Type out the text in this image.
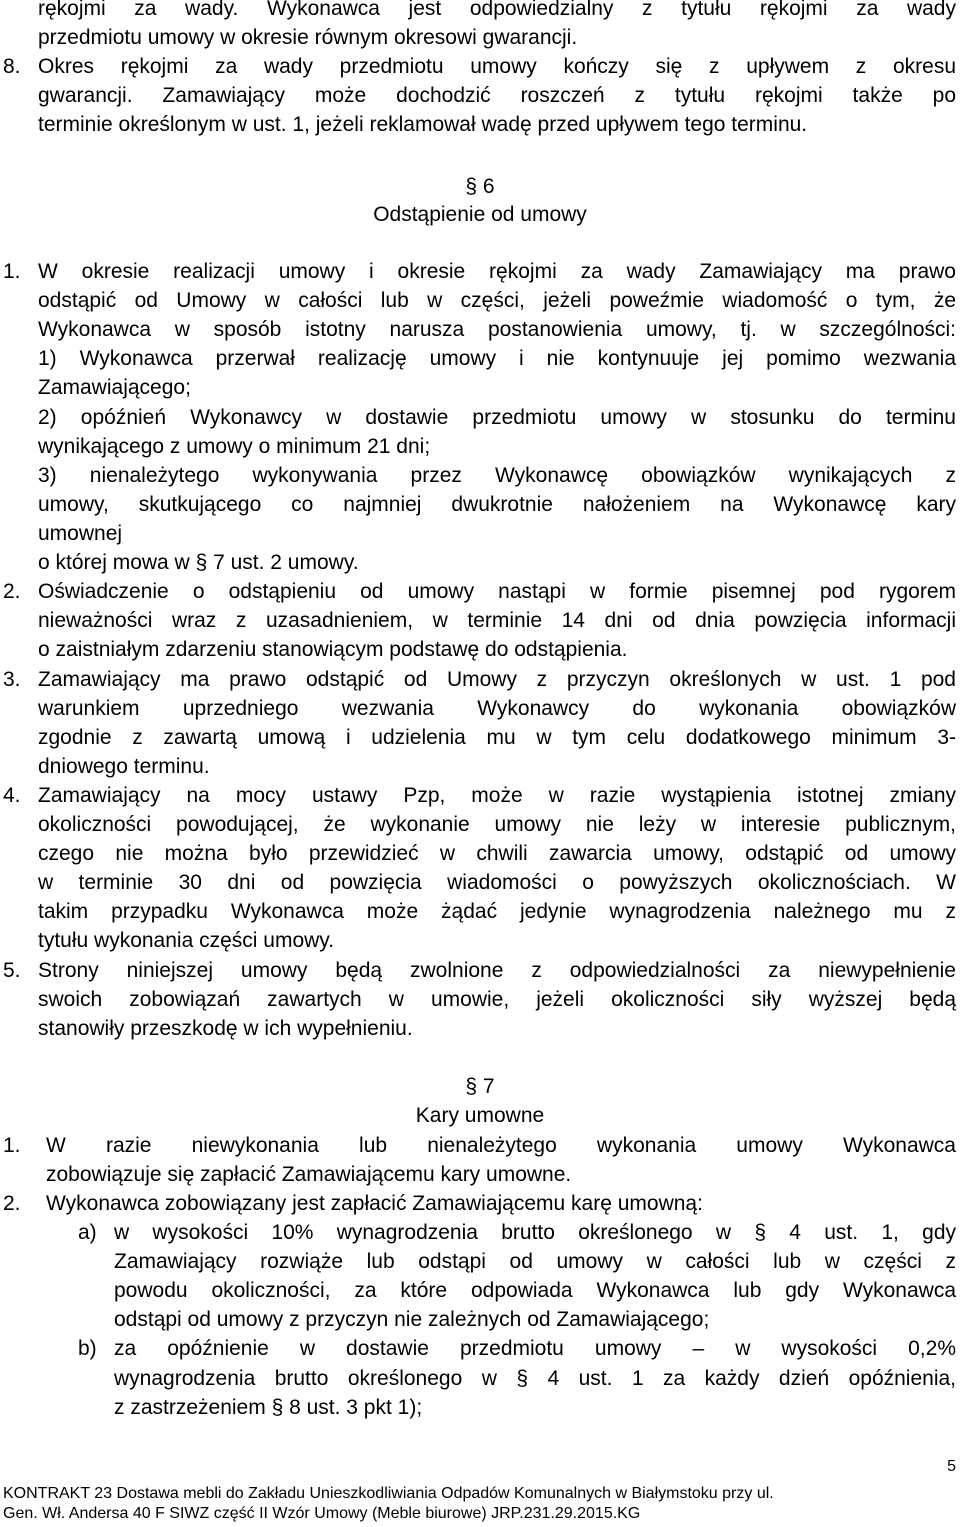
rękojmi za wady. Wykonawca jest odpowiedzialny z tytułu rękojmi za wady
przedmiotu umowy w okresie równym okresowi gwarancji.
8. Okres rękojmi za wady przedmiotu umowy kończy się z upływem z okresu
gwarancji. Zamawiający może dochodzić roszczeń z tytułu rękojmi także po
terminie określonym w ust. 1, jeżeli reklamował wadę przed upływem tego terminu.
§ 6
Odstąpienie od umowy
1. W okresie realizacji umowy i okresie rękojmi za wady Zamawiający ma prawo
odstąpić od Umowy w całości lub w części, jeżeli poweźmie wiadomość o tym, że
Wykonawca w sposób istotny narusza postanowienia umowy, tj. w szczególności:
1) Wykonawca przerwał realizację umowy i nie kontynuuje jej pomimo wezwania
Zamawiającego;
2) opóźnień Wykonawcy w dostawie przedmiotu umowy w stosunku do terminu
wynikającego z umowy o minimum 21 dni;
3) nienależytego wykonywania przez Wykonawcę obowiązków wynikających z
umowy, skutkującego co najmniej dwukrotnie nałożeniem na Wykonawcę kary
umownej
o której mowa w § 7 ust. 2 umowy.
2. Oświadczenie o odstąpieniu od umowy nastąpi w formie pisemnej pod rygorem
nieważności wraz z uzasadnieniem, w terminie 14 dni od dnia powzięcia informacji
o zaistniałym zdarzeniu stanowiącym podstawę do odstąpienia.
3. Zamawiający ma prawo odstąpić od Umowy z przyczyn określonych w ust. 1 pod
warunkiem uprzedniego wezwania Wykonawcy do wykonania obowiązków
zgodnie z zawartą umową i udzielenia mu w tym celu dodatkowego minimum 3-
dniowego terminu.
4. Zamawiający na mocy ustawy Pzp, może w razie wystąpienia istotnej zmiany
okoliczności powodującej, że wykonanie umowy nie leży w interesie publicznym,
czego nie można było przewidzieć w chwili zawarcia umowy, odstąpić od umowy
w terminie 30 dni od powzięcia wiadomości o powyższych okolicznościach. W
takim przypadku Wykonawca może żądać jedynie wynagrodzenia należnego mu z
tytułu wykonania części umowy.
5. Strony niniejszej umowy będą zwolnione z odpowiedzialności za niewypełnienie
swoich zobowiązań zawartych w umowie, jeżeli okoliczności siły wyższej będą
stanowiły przeszkodę w ich wypełnieniu.
§ 7
Kary umowne
1.	W razie niewykonania lub nienależytego wykonania umowy Wykonawca
zobowiązuje się zapłacić Zamawiającemu kary umowne.
2.	Wykonawca zobowiązany jest zapłacić Zamawiającemu karę umowną:
a) w wysokości 10% wynagrodzenia brutto określonego w § 4 ust. 1, gdy
Zamawiający rozwiąże lub odstąpi od umowy w całości lub w części z
powodu okoliczności, za które odpowiada Wykonawca lub gdy Wykonawca
odstąpi od umowy z przyczyn nie zależnych od Zamawiającego;
b) za opóźnienie w dostawie przedmiotu umowy – w wysokości 0,2%
wynagrodzenia brutto określonego w § 4 ust. 1 za każdy dzień opóźnienia,
z zastrzeżeniem § 8 ust. 3 pkt 1);
5
KONTRAKT 23 Dostawa mebli do Zakładu Unieszkodliwiania Odpadów Komunalnych w Białymstoku przy ul.
Gen. Wł. Andersa 40 F SIWZ część II Wzór Umowy (Meble biurowe) JRP.231.29.2015.KG
